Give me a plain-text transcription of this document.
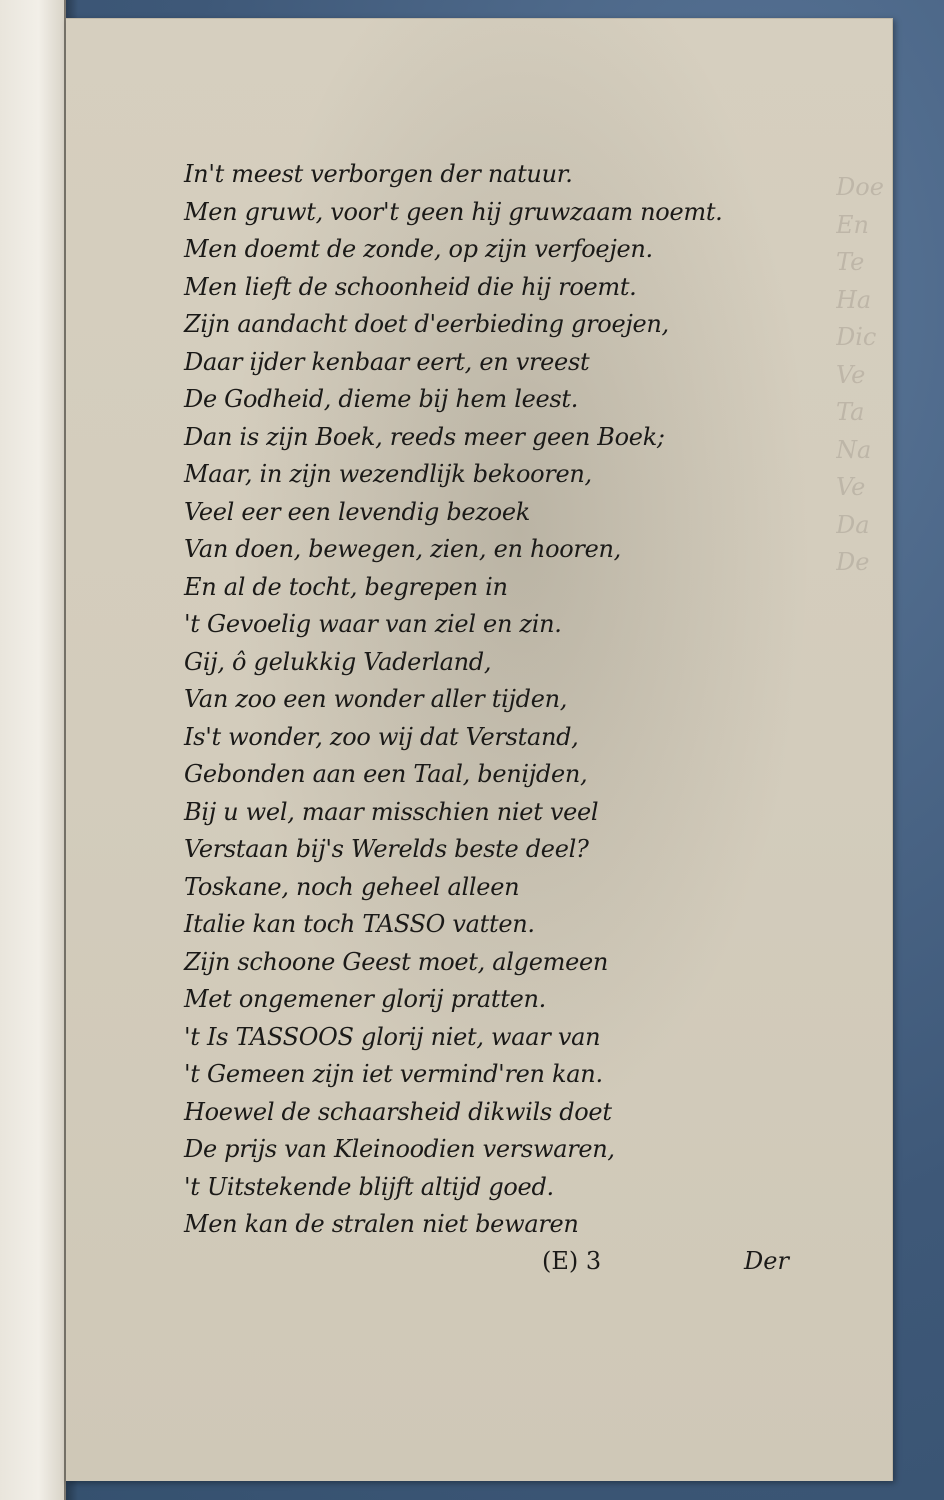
Doe
En
Te
Ha
Dic
Ve
Ta
Na
Ve
Da
De
In't meest verborgen der natuur.
Men gruwt, voor't geen hij gruwzaam noemt.
Men doemt de zonde, op zijn verfoejen.
Men lieft de schoonheid die hij roemt.
Zijn aandacht doet d'eerbieding groejen,
Daar ijder kenbaar eert, en vreest
De Godheid, dieme bij hem leest.
Dan is zijn Boek, reeds meer geen Boek;
Maar, in zijn wezendlijk bekooren,
Veel eer een levendig bezoek
Van doen, bewegen, zien, en hooren,
En al de tocht, begrepen in
't Gevoelig waar van ziel en zin.
Gij, ô gelukkig Vaderland,
Van zoo een wonder aller tijden,
Is't wonder, zoo wij dat Verstand,
Gebonden aan een Taal, benijden,
Bij u wel, maar misschien niet veel
Verstaan bij's Werelds beste deel?
Toskane, noch geheel alleen
Italie kan toch TASSO vatten.
Zijn schoone Geest moet, algemeen
Met ongemener glorij pratten.
't Is TASSOOS glorij niet, waar van
't Gemeen zijn iet vermind'ren kan.
Hoewel de schaarsheid dikwils doet
De prijs van Kleinoodien verswaren,
't Uitstekende blijft altijd goed.
Men kan de stralen niet bewaren
(E) 3	Der
